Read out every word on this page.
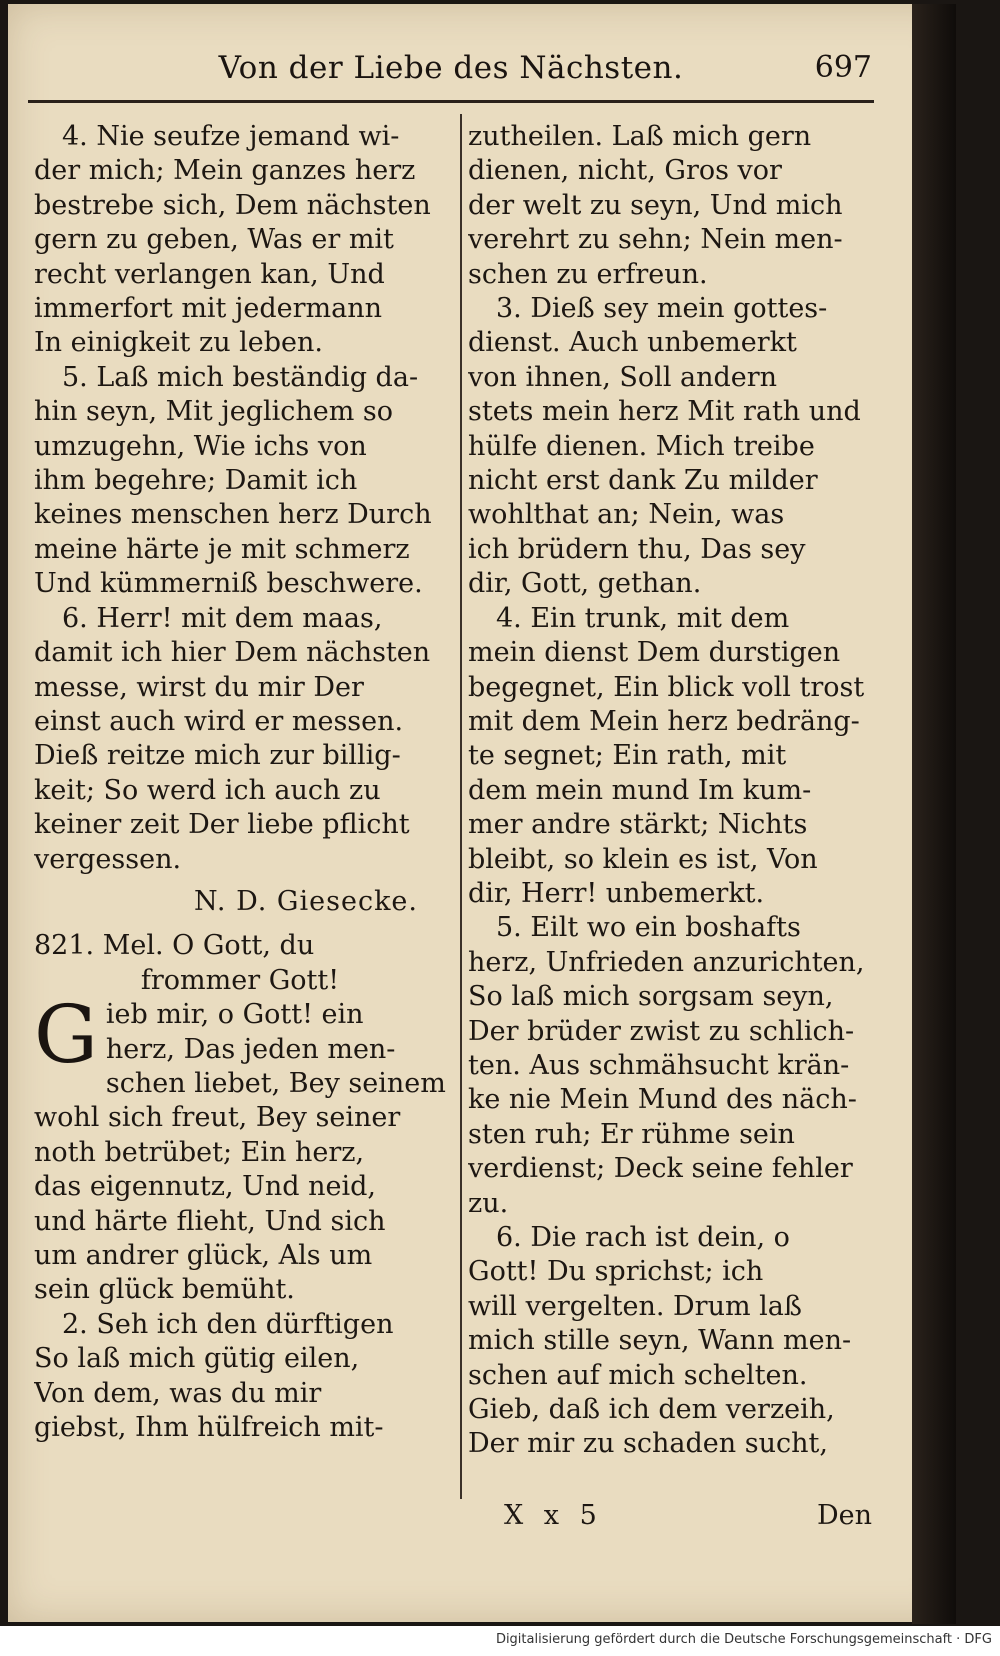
Von der Liebe des Nächsten.	697
4. Nie seufze jemand wi-
der mich; Mein ganzes herz
bestrebe sich, Dem nächsten
gern zu geben, Was er mit
recht verlangen kan, Und
immerfort mit jedermann
In einigkeit zu leben.
5. Laß mich beständig da-
hin seyn, Mit jeglichem so
umzugehn, Wie ichs von
ihm begehre; Damit ich
keines menschen herz Durch
meine härte je mit schmerz
Und kümmerniß beschwere.
6. Herr! mit dem maas,
damit ich hier Dem nächsten
messe, wirst du mir Der
einst auch wird er messen.
Dieß reitze mich zur billig-
keit; So werd ich auch zu
keiner zeit Der liebe pflicht
vergessen.
N. D. Giesecke.
821. Mel. O Gott, du
frommer Gott!
G ieb mir, o Gott! ein
herz, Das jeden men-
schen liebet, Bey seinem
wohl sich freut, Bey seiner
noth betrübet; Ein herz,
das eigennutz, Und neid,
und härte flieht, Und sich
um andrer glück, Als um
sein glück bemüht.
2. Seh ich den dürftigen
So laß mich gütig eilen,
Von dem, was du mir
giebst, Ihm hülfreich mit-
zutheilen. Laß mich gern
dienen, nicht, Gros vor
der welt zu seyn, Und mich
verehrt zu sehn; Nein men-
schen zu erfreun.
3. Dieß sey mein gottes-
dienst. Auch unbemerkt
von ihnen, Soll andern
stets mein herz Mit rath und
hülfe dienen. Mich treibe
nicht erst dank Zu milder
wohlthat an; Nein, was
ich brüdern thu, Das sey
dir, Gott, gethan.
4. Ein trunk, mit dem
mein dienst Dem durstigen
begegnet, Ein blick voll trost
mit dem Mein herz bedräng-
te segnet; Ein rath, mit
dem mein mund Im kum-
mer andre stärkt; Nichts
bleibt, so klein es ist, Von
dir, Herr! unbemerkt.
5. Eilt wo ein boshafts
herz, Unfrieden anzurichten,
So laß mich sorgsam seyn,
Der brüder zwist zu schlich-
ten. Aus schmähsucht krän-
ke nie Mein Mund des näch-
sten ruh; Er rühme sein
verdienst; Deck seine fehler
zu.
6. Die rach ist dein, o
Gott! Du sprichst; ich
will vergelten. Drum laß
mich stille seyn, Wann men-
schen auf mich schelten.
Gieb, daß ich dem verzeih,
Der mir zu schaden sucht,
X x 5	Den
Digitalisierung gefördert durch die Deutsche Forschungsgemeinschaft · DFG
